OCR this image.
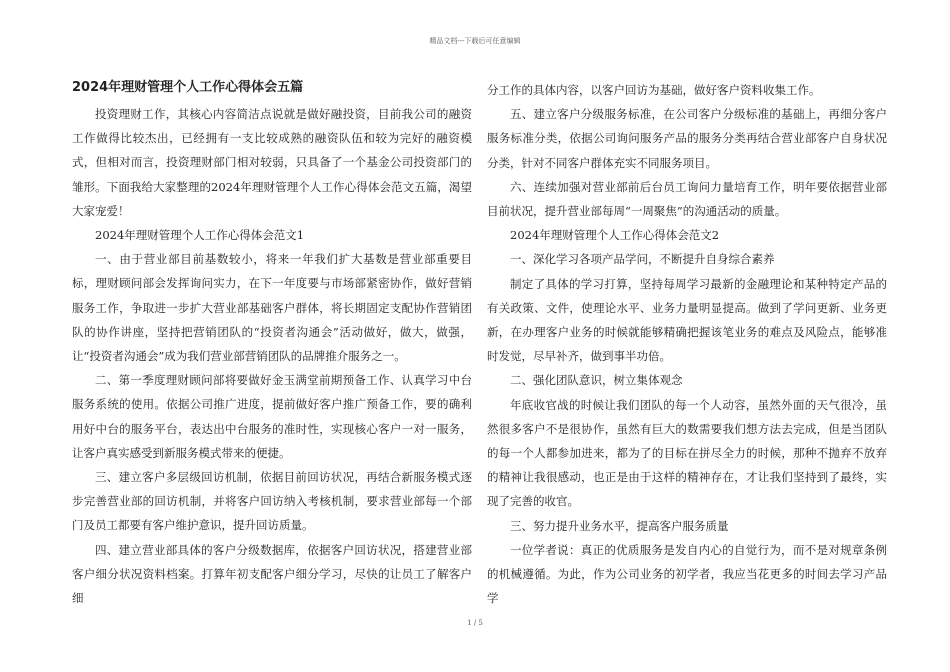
精品文档---下载后可任意编辑
2024年理财管理个人工作心得体会五篇

投资理财工作，其核心内容简洁点说就是做好融投资，目前我公司的融资工作做得比较杰出，已经拥有一支比较成熟的融资队伍和较为完好的融资模式，但相对而言，投资理财部门相对较弱，只具备了一个基金公司投资部门的雏形。下面我给大家整理的2024年理财管理个人工作心得体会范文五篇，渴望大家宠爱！

2024年理财管理个人工作心得体会范文1

一、由于营业部目前基数较小，将来一年我们扩大基数是营业部重要目标，理财顾问部会发挥询问实力，在下一年度要与市场部紧密协作，做好营销服务工作，争取进一步扩大营业部基础客户群体，将长期固定支配协作营销团队的协作讲座，坚持把营销团队的“投资者沟通会”活动做好，做大，做强，让“投资者沟通会”成为我们营业部营销团队的品牌推介服务之一。

二、第一季度理财顾问部将要做好金玉满堂前期预备工作、认真学习中台服务系统的使用。依据公司推广进度，提前做好客户推广预备工作，要的确利用好中台的服务平台，表达出中台服务的准时性，实现核心客户一对一服务，让客户真实感受到新服务模式带来的便捷。

三、建立客户多层级回访机制，依据目前回访状况，再结合新服务模式逐步完善营业部的回访机制，并将客户回访纳入考核机制，要求营业部每一个部门及员工都要有客户维护意识，提升回访质量。

四、建立营业部具体的客户分级数据库，依据客户回访状况，搭建营业部客户细分状况资料档案。打算年初支配客户细分学习，尽快的让员工了解客户细

分工作的具体内容，以客户回访为基础，做好客户资料收集工作。

五、建立客户分级服务标准，在公司客户分级标准的基础上，再细分客户服务标准分类，依据公司询问服务产品的服务分类再结合营业部客户自身状况分类，针对不同客户群体充实不同服务项目。

六、连续加强对营业部前后台员工询问力量培育工作，明年要依据营业部目前状况，提升营业部每周“一周聚焦”的沟通活动的质量。

2024年理财管理个人工作心得体会范文2

一、深化学习各项产品学问，不断提升自身综合素养

制定了具体的学习打算，坚持每周学习最新的金融理论和某种特定产品的有关政策、文件，使理论水平、业务力量明显提高。做到了学问更新、业务更新，在办理客户业务的时候就能够精确把握该笔业务的难点及风险点，能够准时发觉，尽早补齐，做到事半功倍。

二、强化团队意识，树立集体观念

年底收官战的时候让我们团队的每一个人动容，虽然外面的天气很冷，虽然很多客户不是很协作，虽然有巨大的数需要我们想方法去完成，但是当团队的每一个人都参加进来，都为了的目标在拼尽全力的时候，那种不抛弃不放弃的精神让我很感动，也正是由于这样的精神存在，才让我们坚持到了最终，实现了完善的收官。

三、努力提升业务水平，提高客户服务质量

一位学者说：真正的优质服务是发自内心的自觉行为，而不是对规章条例的机械遵循。为此，作为公司业务的初学者，我应当花更多的时间去学习产品学

1 / 5
